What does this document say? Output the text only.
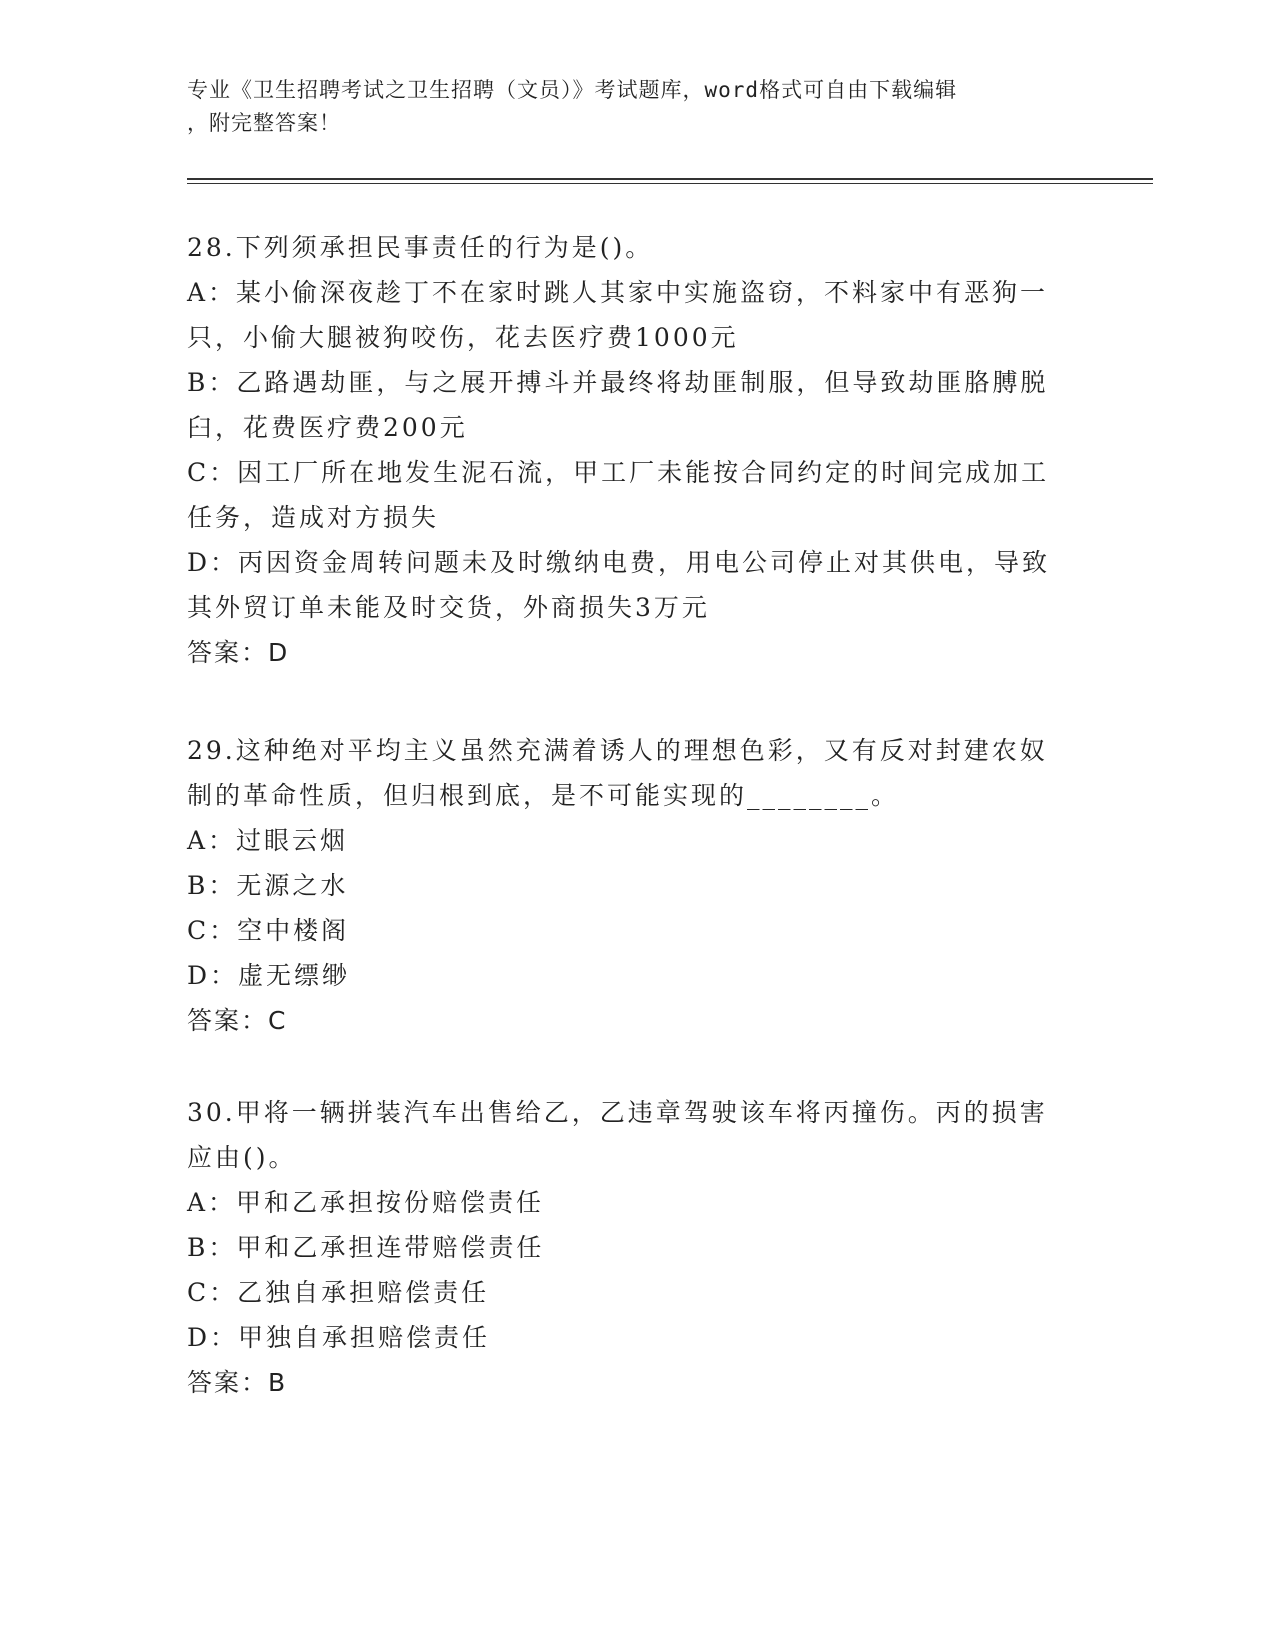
专业《卫生招聘考试之卫生招聘（文员）》考试题库，word格式可自由下载编辑
，附完整答案！

28.下列须承担民事责任的行为是()。

A：某小偷深夜趁丁不在家时跳人其家中实施盗窃，不料家中有恶狗一只，小偷大腿被狗咬伤，花去医疗费1000元

B：乙路遇劫匪，与之展开搏斗并最终将劫匪制服，但导致劫匪胳膊脱臼，花费医疗费200元

C：因工厂所在地发生泥石流，甲工厂未能按合同约定的时间完成加工任务，造成对方损失

D：丙因资金周转问题未及时缴纳电费，用电公司停止对其供电，导致其外贸订单未能及时交货，外商损失3万元

答案：D

29.这种绝对平均主义虽然充满着诱人的理想色彩，又有反对封建农奴制的革命性质，但归根到底，是不可能实现的________。

A：过眼云烟

B：无源之水

C：空中楼阁

D：虚无缥缈

答案：C

30.甲将一辆拼装汽车出售给乙，乙违章驾驶该车将丙撞伤。丙的损害应由()。

A：甲和乙承担按份赔偿责任

B：甲和乙承担连带赔偿责任

C：乙独自承担赔偿责任

D：甲独自承担赔偿责任

答案：B
